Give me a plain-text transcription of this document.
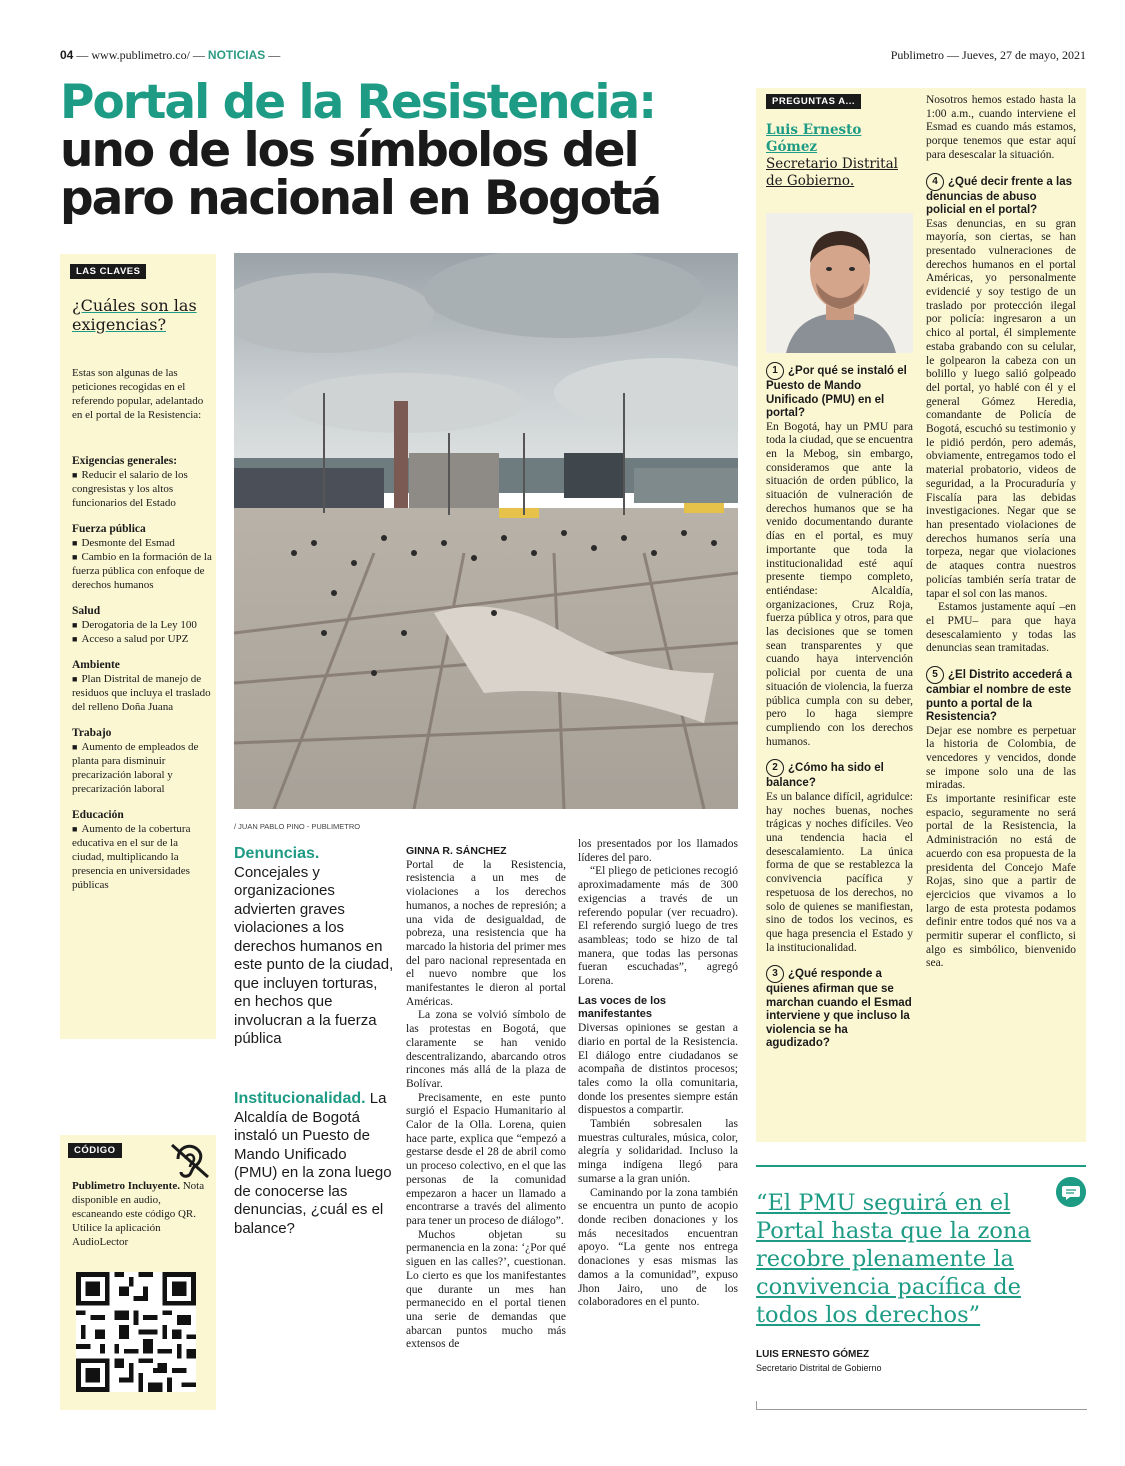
04 — www.publimetro.co/ — NOTICIAS —	Publimetro — Jueves, 27 de mayo, 2021
Portal de la Resistencia:
uno de los símbolos del
paro nacional en Bogotá
LAS CLAVES
¿Cuáles son las exigencias?
Estas son algunas de las peticiones recogidas en el referendo popular, adelantado en el portal de la Resistencia:
Exigencias generales:
■ Reducir el salario de los congresistas y los altos funcionarios del Estado
Fuerza pública
■ Desmonte del Esmad
■ Cambio en la formación de la fuerza pública con enfoque de derechos humanos
Salud
■ Derogatoria de la Ley 100
■ Acceso a salud por UPZ
Ambiente
■ Plan Distrital de manejo de residuos que incluya el traslado del relleno Doña Juana
Trabajo
■ Aumento de empleados de planta para disminuir precarización laboral y precarización laboral
Educación
■ Aumento de la cobertura educativa en el sur de la ciudad, multiplicando la presencia en universidades públicas
CÓDIGO
Publimetro Incluyente. Nota disponible en audio, escaneando este código QR. Utilice la aplicación AudioLector
/ JUAN PABLO PINO - PUBLIMETRO
Denuncias. Concejales y organizaciones advierten graves violaciones a los derechos humanos en este punto de la ciudad, que incluyen torturas, en hechos que involucran a la fuerza pública
Institucionalidad. La Alcaldía de Bogotá instaló un Puesto de Mando Unificado (PMU) en la zona luego de conocerse las denuncias, ¿cuál es el balance?

GINNA R. SÁNCHEZ

Portal de la Resistencia, resistencia a un mes de violaciones a los derechos humanos, a noches de represión; a una vida de desigualdad, de pobreza, una resistencia que ha marcado la historia del primer mes del paro nacional representada en el nuevo nombre que los manifestantes le dieron al portal Américas.

La zona se volvió símbolo de las protestas en Bogotá, que claramente se han venido descentralizando, abarcando otros rincones más allá de la plaza de Bolívar.

Precisamente, en este punto surgió el Espacio Humanitario al Calor de la Olla. Lorena, quien hace parte, explica que “empezó a gestarse desde el 28 de abril como un proceso colectivo, en el que las personas de la comunidad empezaron a hacer un llamado a encontrarse a través del alimento para tener un proceso de diálogo”.

Muchos objetan su permanencia en la zona: ‘¿Por qué siguen en las calles?’, cuestionan. Lo cierto es que los manifestantes que durante un mes han permanecido en el portal tienen una serie de demandas que abarcan puntos mucho más extensos de

los presentados por los llamados líderes del paro.

“El pliego de peticiones recogió aproximadamente más de 300 exigencias a través de un referendo popular (ver recuadro). El referendo surgió luego de tres asambleas; todo se hizo de tal manera, que todas las personas fueran escuchadas”, agregó Lorena.

Las voces de los manifestantes

Diversas opiniones se gestan a diario en portal de la Resistencia. El diálogo entre ciudadanos se acompaña de distintos procesos; tales como la olla comunitaria, donde los presentes siempre están dispuestos a compartir.

También sobresalen las muestras culturales, música, color, alegría y solidaridad. Incluso la minga indígena llegó para sumarse a la gran unión.

Caminando por la zona también se encuentra un punto de acopio donde reciben donaciones y los más necesitados encuentran apoyo. “La gente nos entrega donaciones y esas mismas las damos a la comunidad”, expuso Jhon Jairo, uno de los colaboradores en el punto.

PREGUNTAS A...
Luis Ernesto Gómez
Secretario Distrital de Gobierno.

1 ¿Por qué se instaló el Puesto de Mando Unificado (PMU) en el portal?

En Bogotá, hay un PMU para toda la ciudad, que se encuentra en la Mebog, sin embargo, consideramos que ante la situación de orden público, la situación de vulneración de derechos humanos que se ha venido documentando durante días en el portal, es muy importante que toda la institucionalidad esté aquí presente tiempo completo, entiéndase: Alcaldía, organizaciones, Cruz Roja, fuerza pública y otros, para que las decisiones que se tomen sean transparentes y que cuando haya intervención policial por cuenta de una situación de violencia, la fuerza pública cumpla con su deber, pero lo haga siempre cumpliendo con los derechos humanos.

2 ¿Cómo ha sido el balance?

Es un balance difícil, agridulce: hay noches buenas, noches trágicas y noches difíciles. Veo una tendencia hacia el desescalamiento. La única forma de que se restablezca la convivencia pacífica y respetuosa de los derechos, no solo de quienes se manifiestan, sino de todos los vecinos, es que haga presencia el Estado y la institucionalidad.

3 ¿Qué responde a quienes afirman que se marchan cuando el Esmad interviene y que incluso la violencia se ha agudizado?

Nosotros hemos estado hasta la 1:00 a.m., cuando interviene el Esmad es cuando más estamos, porque tenemos que estar aquí para desescalar la situación.

4 ¿Qué decir frente a las denuncias de abuso policial en el portal?

Esas denuncias, en su gran mayoría, son ciertas, se han presentado vulneraciones de derechos humanos en el portal Américas, yo personalmente evidencié y soy testigo de un traslado por protección ilegal por policía: ingresaron a un chico al portal, él simplemente estaba grabando con su celular, le golpearon la cabeza con un bolillo y luego salió golpeado del portal, yo hablé con él y el general Gómez Heredia, comandante de Policía de Bogotá, escuchó su testimonio y le pidió perdón, pero además, obviamente, entregamos todo el material probatorio, videos de seguridad, a la Procuraduría y Fiscalía para las debidas investigaciones. Negar que se han presentado violaciones de derechos humanos sería una torpeza, negar que violaciones de ataques contra nuestros policías también sería tratar de tapar el sol con las manos.

Estamos justamente aquí –en el PMU– para que haya desescalamiento y todas las denuncias sean tramitadas.

5 ¿El Distrito accederá a cambiar el nombre de este punto a portal de la Resistencia?

Dejar ese nombre es perpetuar la historia de Colombia, de vencedores y vencidos, donde se impone solo una de las miradas.

Es importante resinificar este espacio, seguramente no será portal de la Resistencia, la Administración no está de acuerdo con esa propuesta de la presidenta del Concejo Mafe Rojas, sino que a partir de ejercicios que vivamos a lo largo de esta protesta podamos definir entre todos qué nos va a permitir superar el conflicto, si algo es simbólico, bienvenido sea.

“El PMU seguirá en el Portal hasta que la zona recobre plenamente la convivencia pacífica de todos los derechos”
LUIS ERNESTO GÓMEZ
Secretario Distrital de Gobierno
